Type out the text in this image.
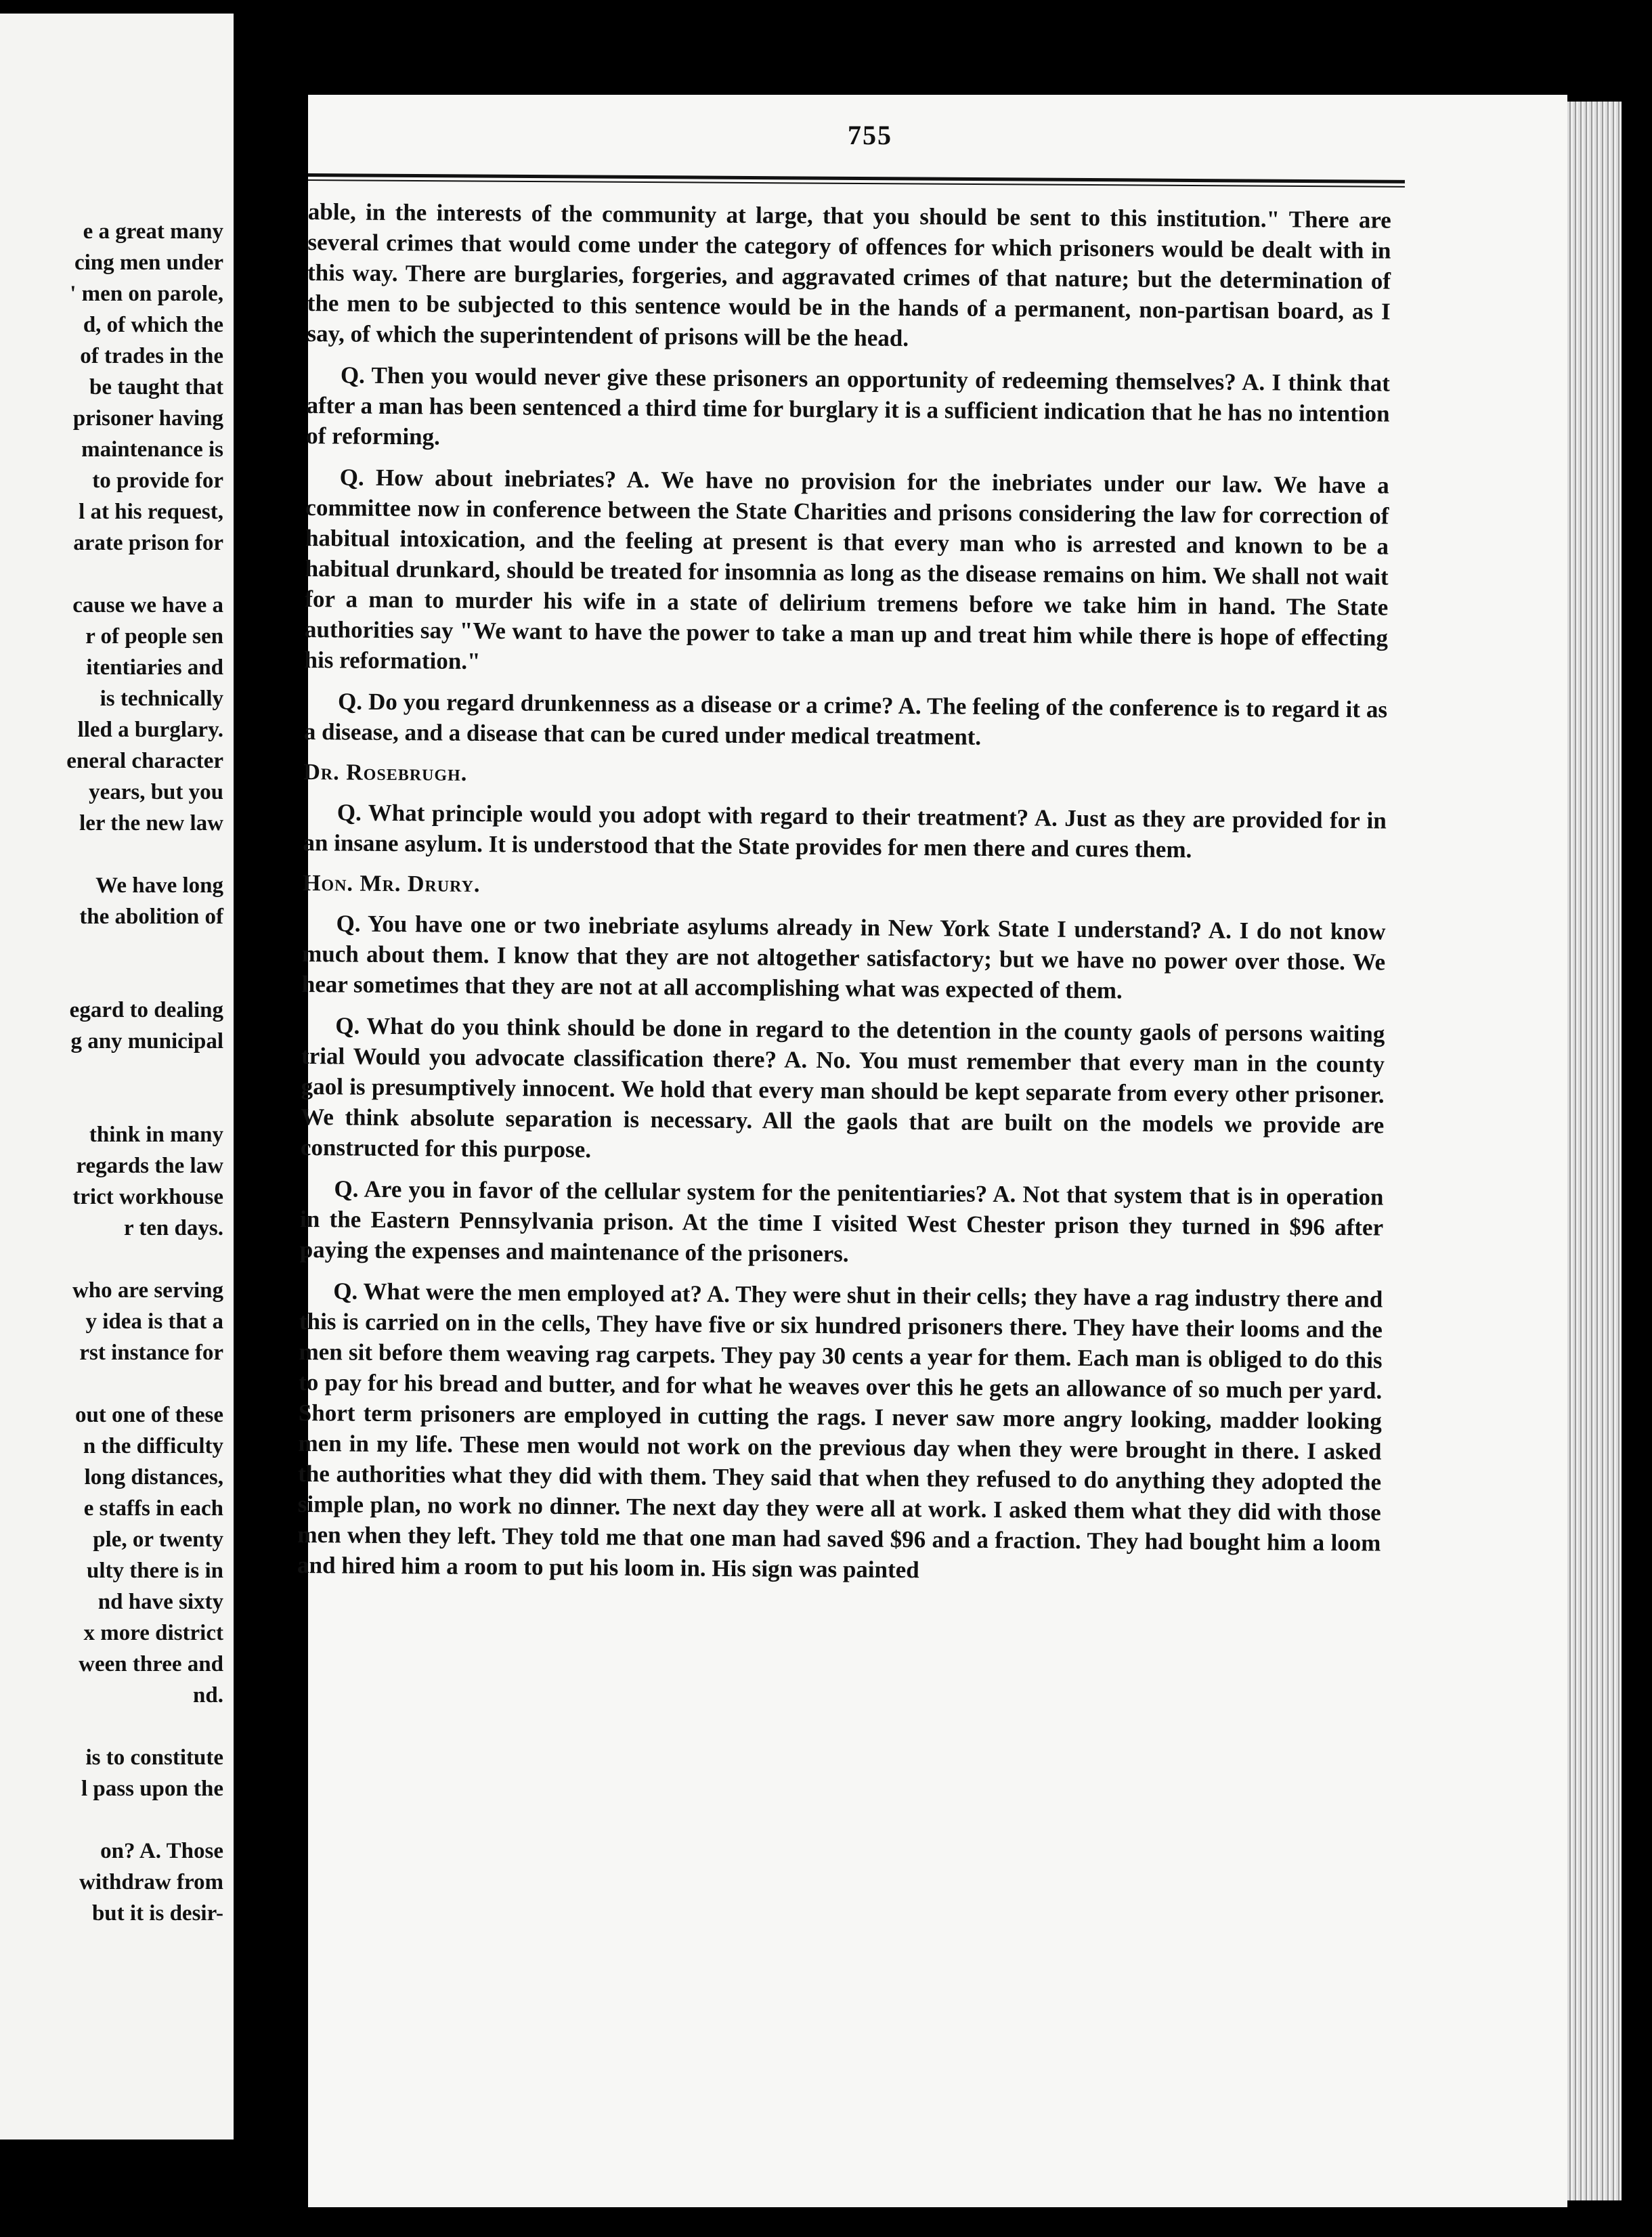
e a great many
cing men under
' men on parole,
d, of which the
of trades in the
be taught that
prisoner having
maintenance is
to provide for
l at his request,
arate prison for
cause we have a
r of people sen
itentiaries and
is technically
lled a burglary.
eneral character
years, but you
ler the new law
We have long
the abolition of
egard to dealing
g any municipal
think in many
regards the law
trict workhouse
r ten days.
who are serving
y idea is that a
rst instance for
out one of these
n the difficulty
long distances,
e staffs in each
ple, or twenty
ulty there is in
nd have sixty
x more district
ween three and
nd.
is to constitute
l pass upon the
on? A. Those
withdraw from
but it is desir-
755

able, in the interests of the community at large, that you should be sent to this institution." There are several crimes that would come under the category of offences for which prisoners would be dealt with in this way. There are burglaries, forgeries, and aggravated crimes of that nature; but the determination of the men to be subjected to this sentence would be in the hands of a permanent, non-partisan board, as I say, of which the superintendent of prisons will be the head.

Q. Then you would never give these prisoners an opportunity of redeeming themselves? A. I think that after a man has been sentenced a third time for burglary it is a sufficient indication that he has no intention of reforming.

Q. How about inebriates? A. We have no provision for the inebriates under our law. We have a committee now in conference between the State Charities and prisons considering the law for correction of habitual intoxication, and the feeling at present is that every man who is arrested and known to be a habitual drunkard, should be treated for insomnia as long as the disease remains on him. We shall not wait for a man to murder his wife in a state of delirium tremens before we take him in hand. The State authorities say "We want to have the power to take a man up and treat him while there is hope of effecting his reformation."

Q. Do you regard drunkenness as a disease or a crime? A. The feeling of the conference is to regard it as a disease, and a disease that can be cured under medical treatment.

Dr. Rosebrugh.

Q. What principle would you adopt with regard to their treatment? A. Just as they are provided for in an insane asylum. It is understood that the State provides for men there and cures them.

Hon. Mr. Drury.

Q. You have one or two inebriate asylums already in New York State I understand? A. I do not know much about them. I know that they are not altogether satisfactory; but we have no power over those. We hear sometimes that they are not at all accomplishing what was expected of them.

Q. What do you think should be done in regard to the detention in the county gaols of persons waiting trial Would you advocate classification there? A. No. You must remember that every man in the county gaol is presumptively innocent. We hold that every man should be kept separate from every other prisoner. We think absolute separation is necessary. All the gaols that are built on the models we provide are constructed for this purpose.

Q. Are you in favor of the cellular system for the penitentiaries? A. Not that system that is in operation in the Eastern Pennsylvania prison. At the time I visited West Chester prison they turned in $96 after paying the expenses and maintenance of the prisoners.

Q. What were the men employed at? A. They were shut in their cells; they have a rag industry there and this is carried on in the cells, They have five or six hundred prisoners there. They have their looms and the men sit before them weaving rag carpets. They pay 30 cents a year for them. Each man is obliged to do this to pay for his bread and butter, and for what he weaves over this he gets an allowance of so much per yard. Short term prisoners are employed in cutting the rags. I never saw more angry looking, madder looking men in my life. These men would not work on the previous day when they were brought in there. I asked the authorities what they did with them. They said that when they refused to do anything they adopted the simple plan, no work no dinner. The next day they were all at work. I asked them what they did with those men when they left. They told me that one man had saved $96 and a fraction. They had bought him a loom and hired him a room to put his loom in. His sign was painted
